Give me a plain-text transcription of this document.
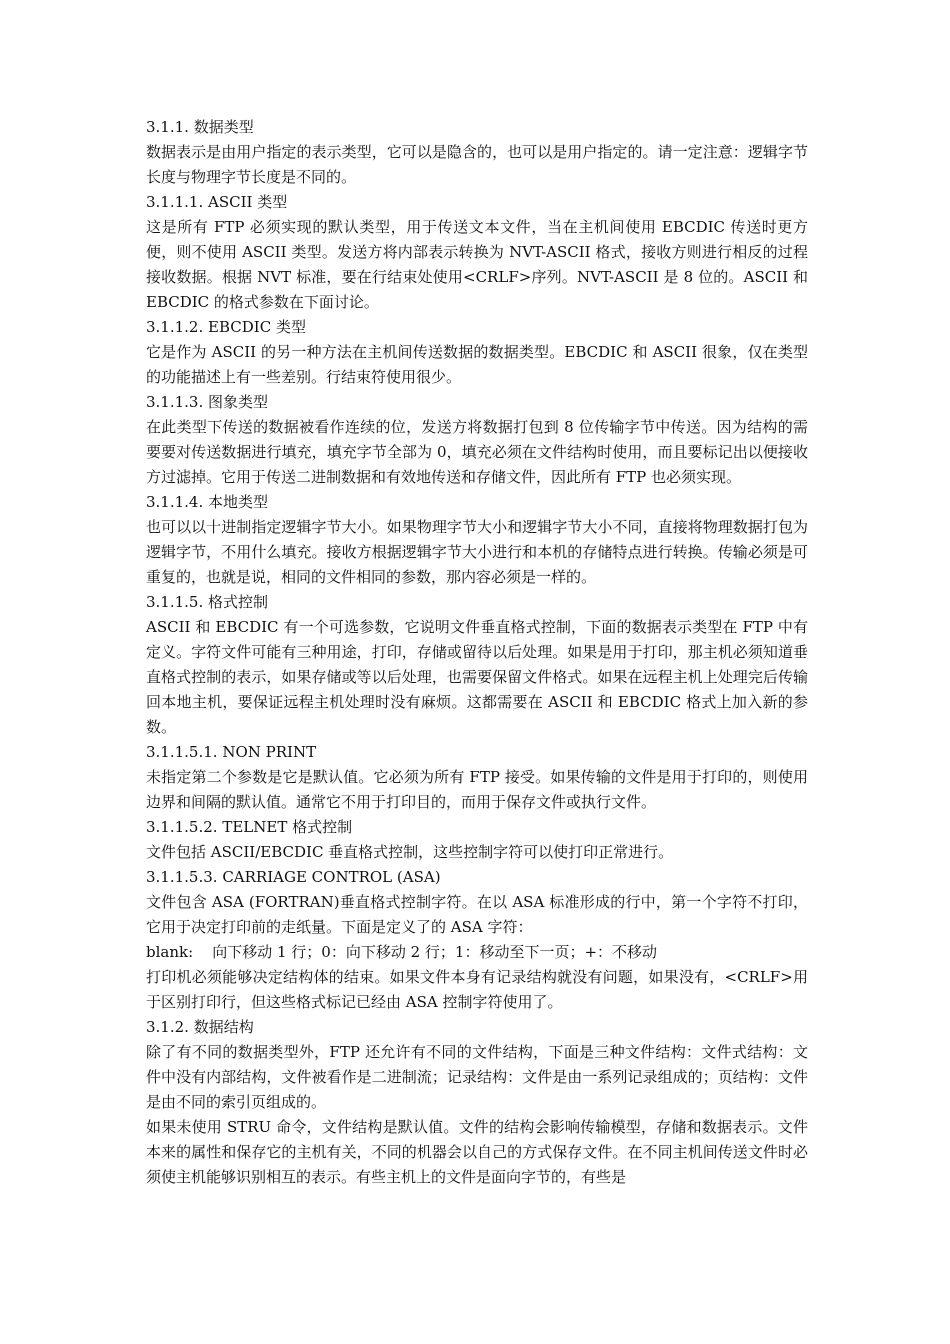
3.1.1. 数据类型

数据表示是由用户指定的表示类型，它可以是隐含的，也可以是用户指定的。请一定注意：逻辑字节长度与物理字节长度是不同的。

3.1.1.1. ASCII 类型

这是所有 FTP 必须实现的默认类型，用于传送文本文件，当在主机间使用 EBCDIC 传送时更方便，则不使用 ASCII 类型。发送方将内部表示转换为 NVT-ASCII 格式，接收方则进行相反的过程接收数据。根据 NVT 标准，要在行结束处使用<CRLF>序列。NVT-ASCII 是 8 位的。ASCII 和 EBCDIC 的格式参数在下面讨论。

3.1.1.2. EBCDIC 类型

它是作为 ASCII 的另一种方法在主机间传送数据的数据类型。EBCDIC 和 ASCII 很象，仅在类型的功能描述上有一些差别。行结束符使用很少。

3.1.1.3. 图象类型

在此类型下传送的数据被看作连续的位，发送方将数据打包到 8 位传输字节中传送。因为结构的需要要对传送数据进行填充，填充字节全部为 0，填充必须在文件结构时使用，而且要标记出以便接收方过滤掉。它用于传送二进制数据和有效地传送和存储文件，因此所有 FTP 也必须实现。

3.1.1.4. 本地类型

也可以以十进制指定逻辑字节大小。如果物理字节大小和逻辑字节大小不同，直接将物理数据打包为逻辑字节，不用什么填充。接收方根据逻辑字节大小进行和本机的存储特点进行转换。传输必须是可重复的，也就是说，相同的文件相同的参数，那内容必须是一样的。

3.1.1.5. 格式控制

ASCII 和 EBCDIC 有一个可选参数，它说明文件垂直格式控制，下面的数据表示类型在 FTP 中有定义。字符文件可能有三种用途，打印，存储或留待以后处理。如果是用于打印，那主机必须知道垂直格式控制的表示，如果存储或等以后处理，也需要保留文件格式。如果在远程主机上处理完后传输回本地主机，要保证远程主机处理时没有麻烦。这都需要在 ASCII 和 EBCDIC 格式上加入新的参数。

3.1.1.5.1. NON PRINT

未指定第二个参数是它是默认值。它必须为所有 FTP 接受。如果传输的文件是用于打印的，则使用边界和间隔的默认值。通常它不用于打印目的，而用于保存文件或执行文件。

3.1.1.5.2. TELNET 格式控制

文件包括 ASCII/EBCDIC 垂直格式控制，这些控制字符可以使打印正常进行。

3.1.1.5.3. CARRIAGE CONTROL (ASA)

文件包含 ASA (FORTRAN)垂直格式控制字符。在以 ASA 标准形成的行中，第一个字符不打印，它用于决定打印前的走纸量。下面是定义了的 ASA 字符：

blank:    向下移动 1 行；0：向下移动 2 行；1：移动至下一页；+：不移动

打印机必须能够决定结构体的结束。如果文件本身有记录结构就没有问题，如果没有，<CRLF>用于区别打印行，但这些格式标记已经由 ASA 控制字符使用了。

3.1.2. 数据结构

除了有不同的数据类型外，FTP 还允许有不同的文件结构，下面是三种文件结构：文件式结构：文件中没有内部结构，文件被看作是二进制流；记录结构：文件是由一系列记录组成的；页结构：文件是由不同的索引页组成的。

如果未使用 STRU 命令，文件结构是默认值。文件的结构会影响传输模型，存储和数据表示。文件本来的属性和保存它的主机有关，不同的机器会以自己的方式保存文件。在不同主机间传送文件时必须使主机能够识别相互的表示。有些主机上的文件是面向字节的，有些是
